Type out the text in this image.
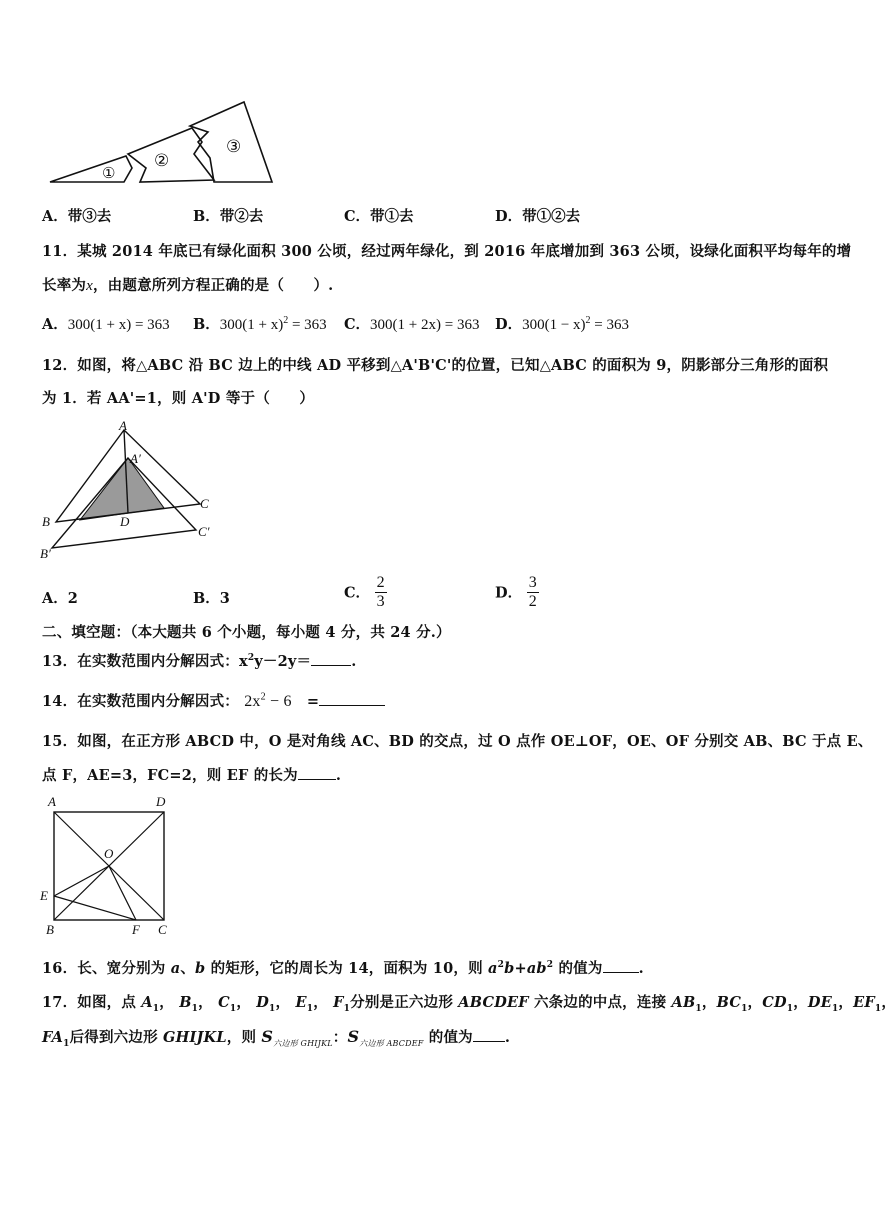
①
②
③
A．带③去	B．带②去	C．带①去	D．带①②去
11．某城 2014 年底已有绿化面积 300 公顷，经过两年绿化，到 2016 年底增加到 363 公顷，设绿化面积平均每年的增
长率为x，由题意所列方程正确的是（　　）.
A．300(1 + x) = 363 B．$300(1 + x)^2 = 363$ C．300(1 + 2x) = 363 D．$300(1 - x)^2 = 363$
12．如图，将△ABC 沿 BC 边上的中线 AD 平移到△A'B'C'的位置，已知△ABC 的面积为 9，阴影部分三角形的面积
为 1．若 AA'=1，则 A'D 等于（　　）
A
A′
B
B′
C
C′
D
A．2	B．3	C． $\frac{2}{3}$	D． $\frac{3}{2}$
二、填空题：（本大题共 6 个小题，每小题 4 分，共 24 分.）
13．在实数范围内分解因式：$x^2y-2y=$	.
14．在实数范围内分解因式： $2x^2 - 6$ =
15．如图，在正方形 ABCD 中，O 是对角线 AC、BD 的交点，过 O 点作 OE⊥OF，OE、OF 分别交 AB、BC 于点 E、
点 F，AE=3，FC=2，则 EF 的长为	.
A	D
O
E
B	F C
16．长、宽分别为 a、b 的矩形，它的周长为 14，面积为 10，则 $a^2b+ab^2$ 的值为 .
17．如图，点 $A_1$， $B_1$， $C_1$， $D_1$， $E_1$， $F_1$分别是正六边形 ABCDEF 六条边的中点，连接 $AB_1$，$BC_1$，$CD_1$，$DE_1$，$EF_1$，
$FA_1$后得到六边形 GHIJKL，则 $S_{六边形 GHIJKL}$：$S_{六边形 ABCDEF}$ 的值为 .
